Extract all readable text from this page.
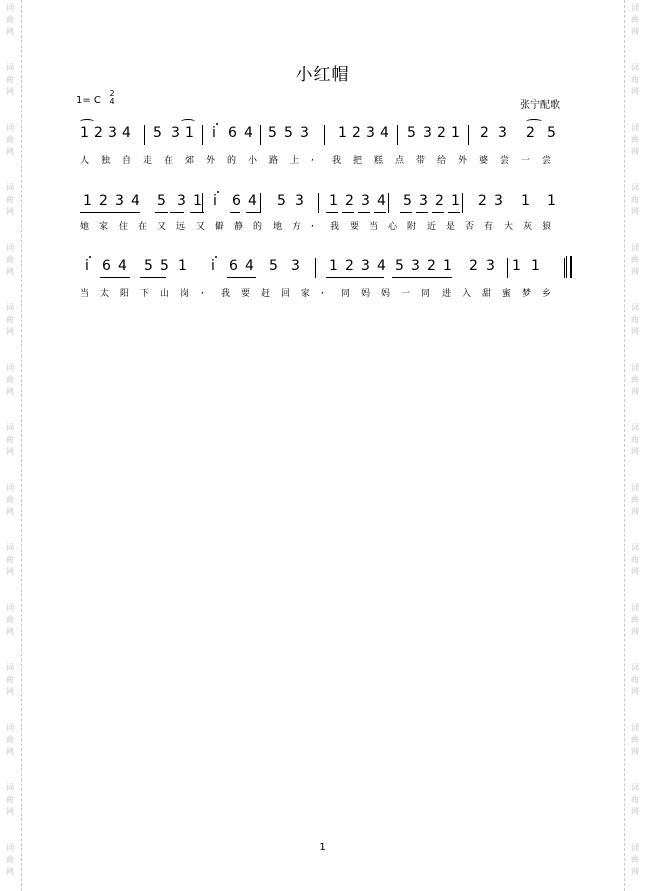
词
曲
网
词
曲
网
词
曲
网
词
曲
网
词
曲
网
词
曲
网
词
曲
网
词
曲
网
词
曲
网
词
曲
网
词
曲
网
词
曲
网
词
曲
网
词
曲
网
词
曲
网
词
曲
网
词
曲
网
词
曲
网
词
曲
网
词
曲
网
词
曲
网
词
曲
网
词
曲
网
词
曲
网
词
曲
网
词
曲
网
词
曲
网
词
曲
网
词
曲
网
词
曲
网
小红帽
1= C
2
4	张宁配歌
1 2 3 4 5 3 1 i 6 4 5 5 3 1 2 3 4 5 3 2 1 2 3 2 5
人 独 自 走 在 郊 外 的 小 路 上 , 我 把 糕 点 带 给 外 婆 尝 一 尝
1 2 3 4 5 3 1 i 6 4 5 3 1 2 3 4 5 3 2 1 2 3 1 1
她 家 住 在 又 远 又 僻 静 的 地 方 , 我 要 当 心 附 近 是 否 有 大 灰 狼
i 6 4 5 5 1 i 6 4 5 3 1 2 3 4 5 3 2 1 2 3 1 1
当 太 阳 下 山 岗 , 我 要 赶 回 家 , 同 妈 妈 一 同 进 入 甜 蜜 梦 乡
1
